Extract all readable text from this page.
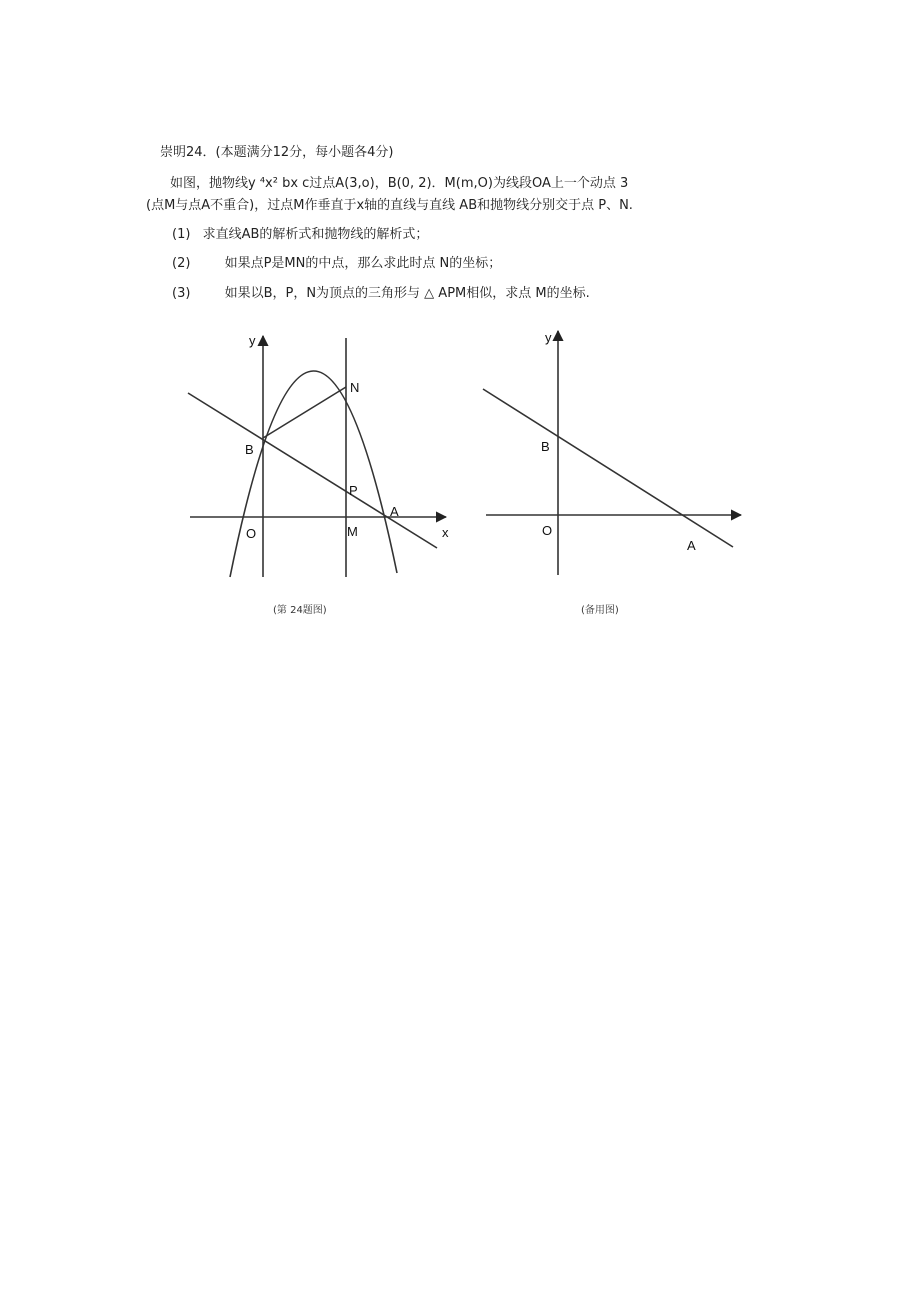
崇明24．(本题满分12分，每小题各4分)
如图，抛物线y ⁴x² bx c过点A(3,o)，B(0, 2)．M(m,O)为线段OA上一个动点 3
(点M与点A不重合)，过点M作垂直于x轴的直线与直线 AB和抛物线分别交于点 P、N.
(1) 求直线AB的解析式和抛物线的解析式；
(2)	如果点P是MN的中点，那么求此时点 N的坐标；
(3)	如果以B，P，N为顶点的三角形与 △ APM相似，求点 M的坐标.
y
x
O
B
A
M
P
N
y
O
B
A
(第 24题图)	(备用图)
